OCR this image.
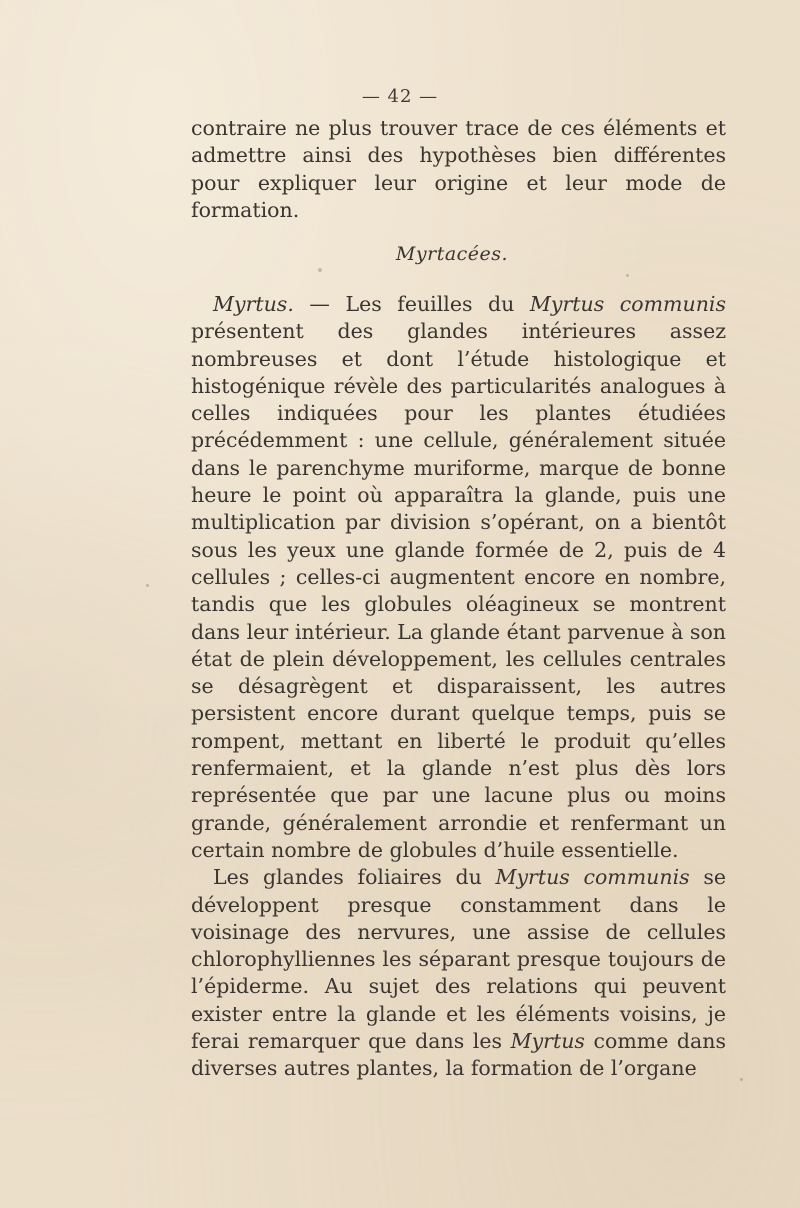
— 42 —

contraire ne plus trouver trace de ces éléments et admettre ainsi des hypothèses bien différentes pour expliquer leur origine et leur mode de formation.

Myrtacées.

Myrtus. — Les feuilles du Myrtus communis présentent des glandes intérieures assez nombreuses et dont l’étude histologique et histogénique révèle des particularités analogues à celles indiquées pour les plantes étudiées précédemment : une cellule, généralement située dans le parenchyme muriforme, marque de bonne heure le point où apparaîtra la glande, puis une multiplication par division s’opérant, on a bientôt sous les yeux une glande formée de 2, puis de 4 cellules ; celles-ci augmentent encore en nombre, tandis que les globules oléagineux se montrent dans leur intérieur. La glande étant parvenue à son état de plein développement, les cellules centrales se désagrègent et disparaissent, les autres persistent encore durant quelque temps, puis se rompent, mettant en liberté le produit qu’elles renfermaient, et la glande n’est plus dès lors représentée que par une lacune plus ou moins grande, généralement arrondie et renfermant un certain nombre de globules d’huile essentielle.

Les glandes foliaires du Myrtus communis se développent presque constamment dans le voisinage des nervures, une assise de cellules chlorophylliennes les séparant presque toujours de l’épiderme. Au sujet des relations qui peuvent exister entre la glande et les éléments voisins, je ferai remarquer que dans les Myrtus comme dans diverses autres plantes, la formation de l’organe
